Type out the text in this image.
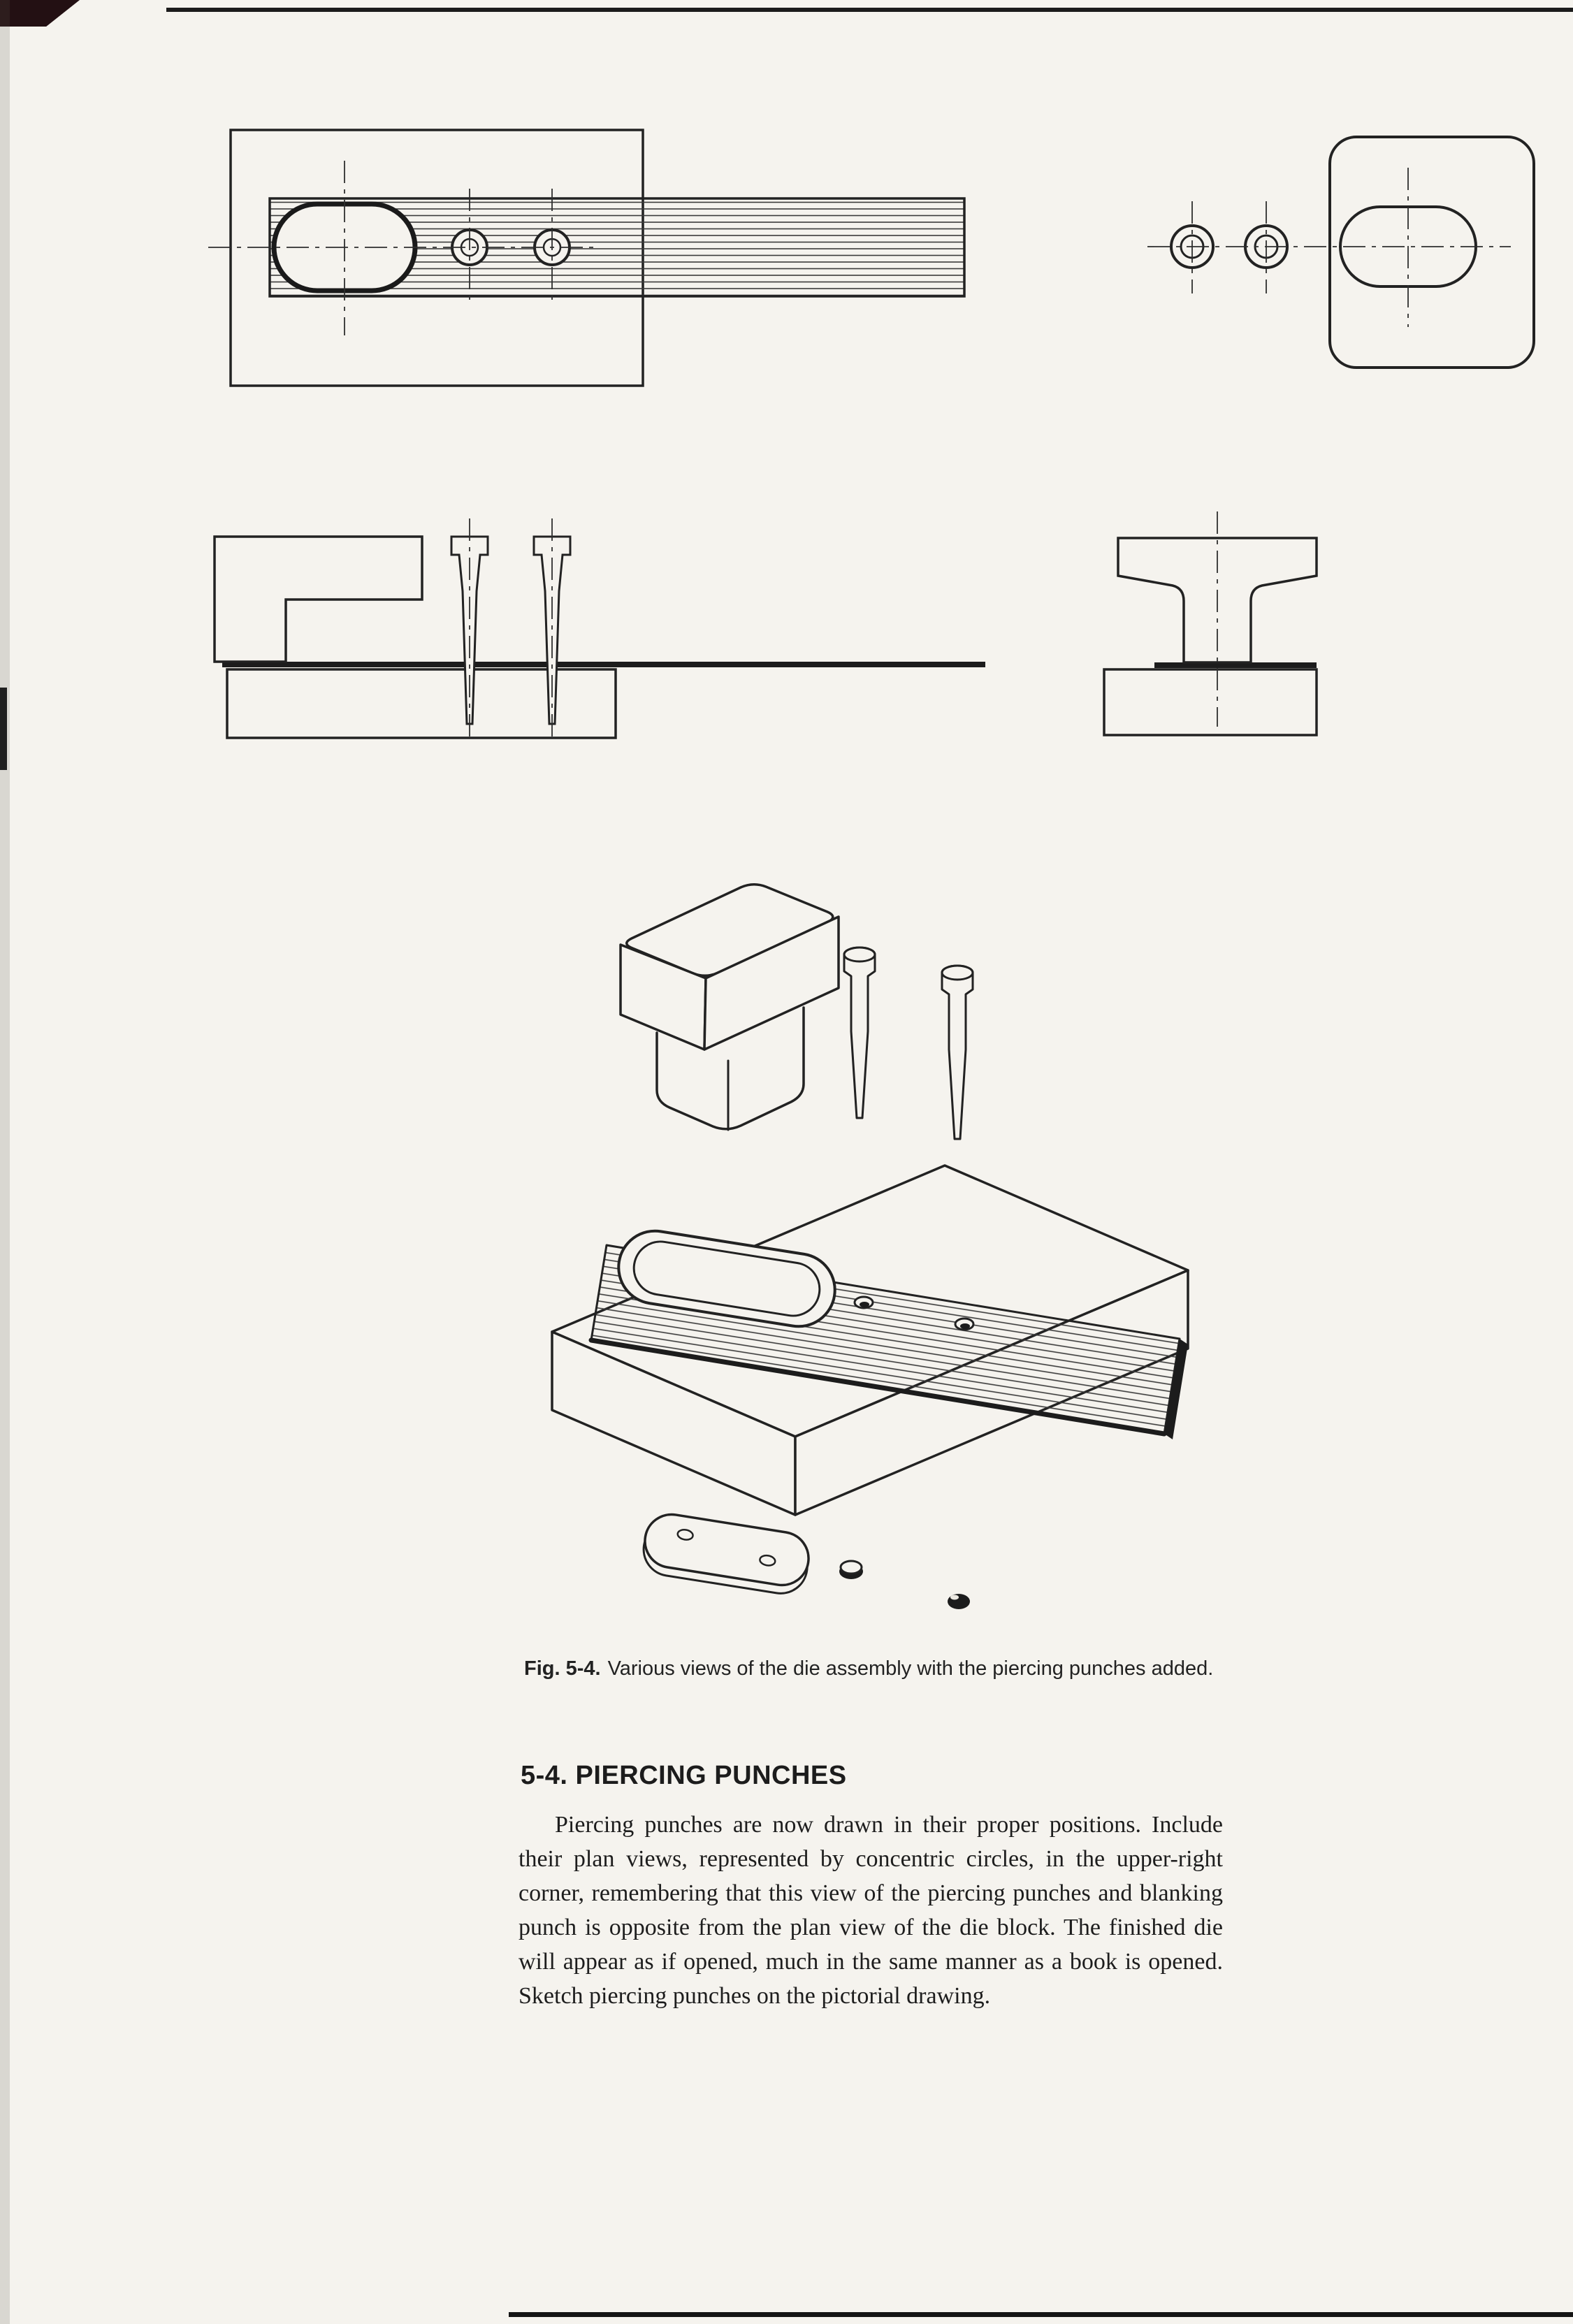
Fig. 5-4. Various views of the die assembly with the piercing punches added.
5-4. PIERCING PUNCHES

Piercing punches are now drawn in their proper positions. Include their plan views, represented by concentric circles, in the upper-right corner, remembering that this view of the piercing punches and blanking punch is opposite from the plan view of the die block. The finished die will appear as if opened, much in the same manner as a book is opened. Sketch piercing punches on the pictorial drawing.
